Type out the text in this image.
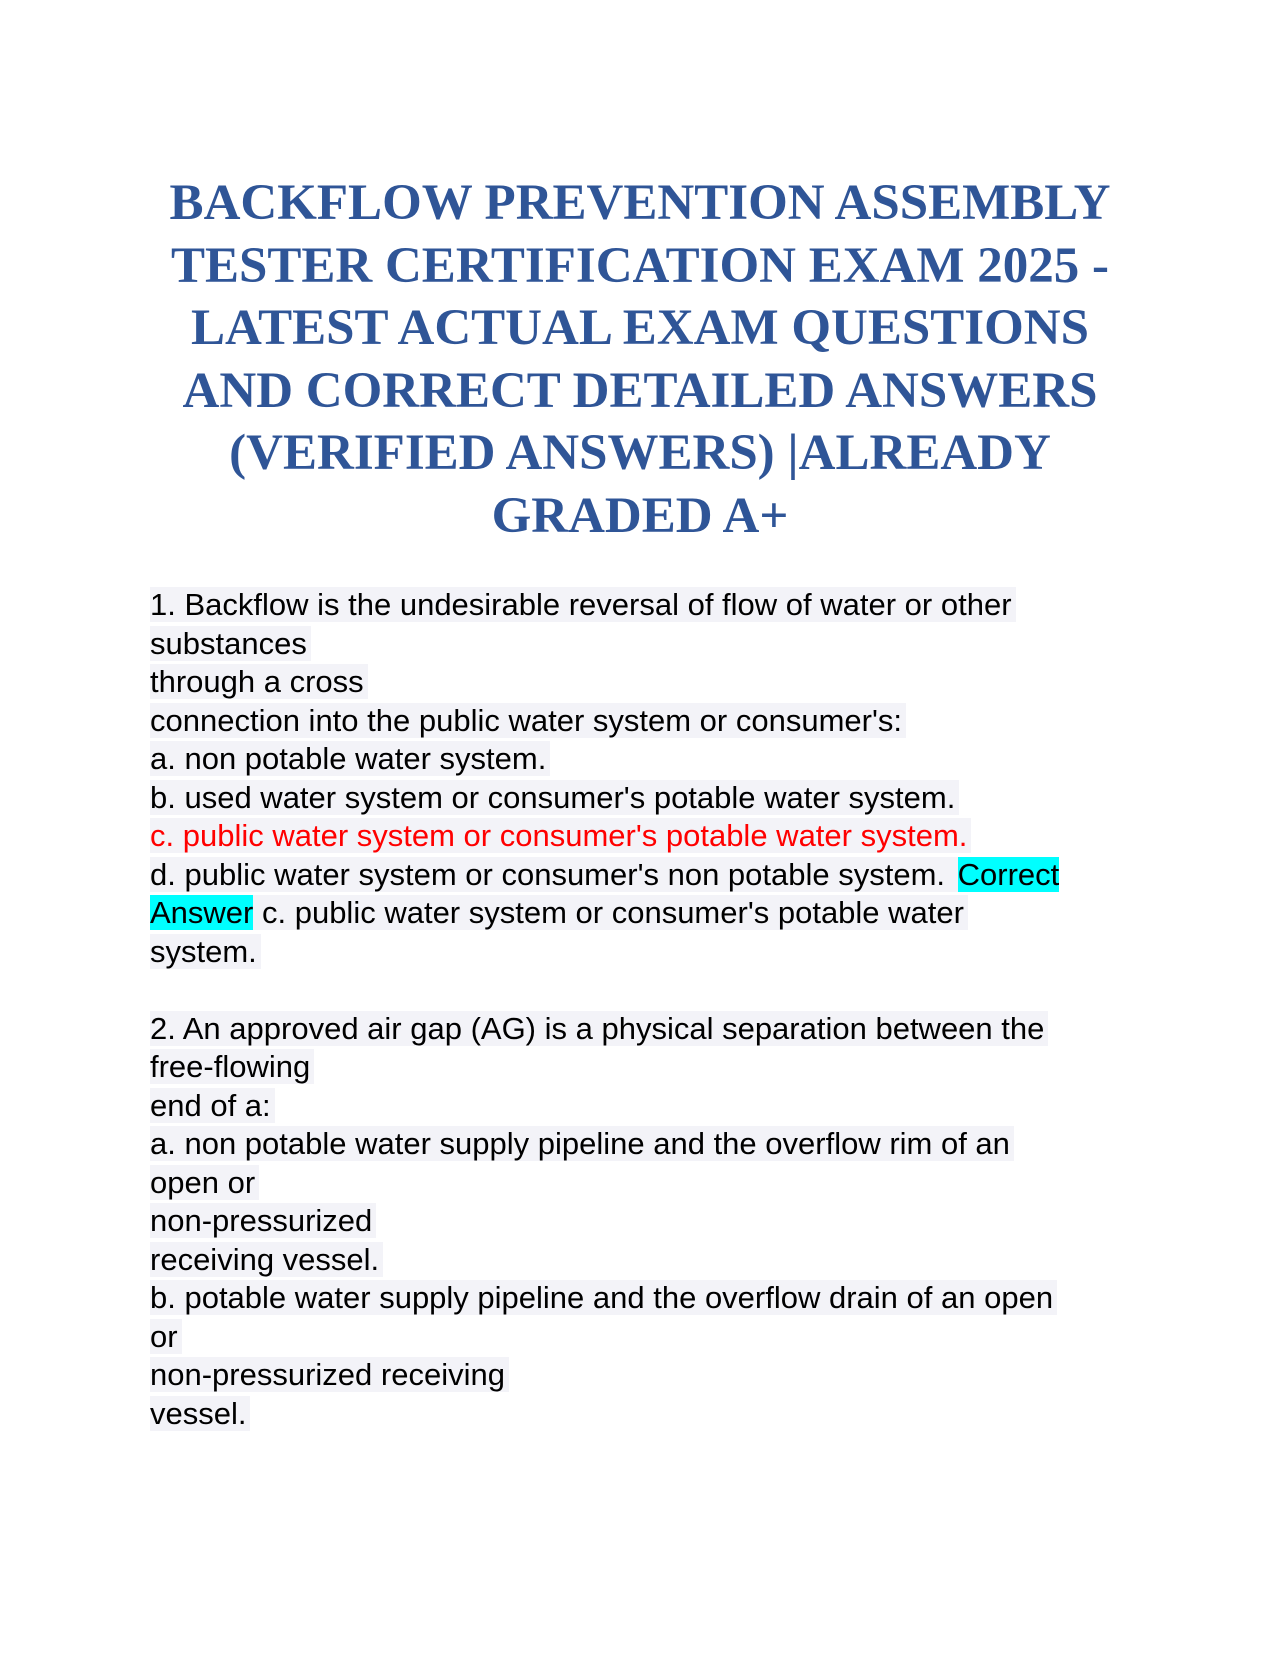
BACKFLOW PREVENTION ASSEMBLY
TESTER CERTIFICATION EXAM 2025 -
LATEST ACTUAL EXAM QUESTIONS
AND CORRECT DETAILED ANSWERS
(VERIFIED ANSWERS) |ALREADY
GRADED A+
1. Backflow is the undesirable reversal of flow of water or other
substances
through a cross
connection into the public water system or consumer's:
a. non potable water system.
b. used water system or consumer's potable water system.
c. public water system or consumer's potable water system.
d. public water system or consumer's non potable system. Correct
Answer c. public water system or consumer's potable water
system.
2. An approved air gap (AG) is a physical separation between the
free-flowing
end of a:
a. non potable water supply pipeline and the overflow rim of an
open or
non-pressurized
receiving vessel.
b. potable water supply pipeline and the overflow drain of an open
or
non-pressurized receiving
vessel.
